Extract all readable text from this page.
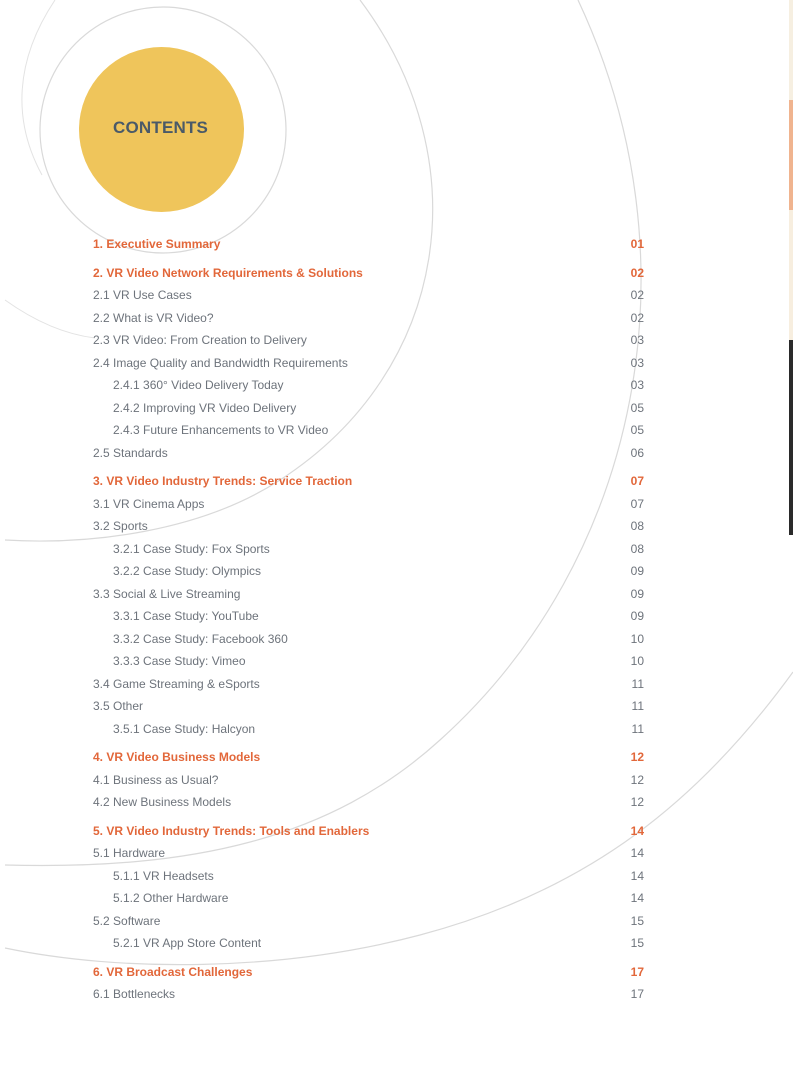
CONTENTS
1. Executive Summary	01
2. VR Video Network Requirements & Solutions	02
2.1 VR Use Cases	02
2.2 What is VR Video?	02
2.3 VR Video: From Creation to Delivery	03
2.4 Image Quality and Bandwidth Requirements	03
2.4.1 360° Video Delivery Today	03
2.4.2 Improving VR Video Delivery	05
2.4.3 Future Enhancements to VR Video	05
2.5 Standards	06
3. VR Video Industry Trends: Service Traction	07
3.1 VR Cinema Apps	07
3.2 Sports	08
3.2.1 Case Study: Fox Sports	08
3.2.2 Case Study: Olympics	09
3.3 Social & Live Streaming	09
3.3.1 Case Study: YouTube	09
3.3.2 Case Study: Facebook 360	10
3.3.3 Case Study: Vimeo	10
3.4 Game Streaming & eSports	11
3.5 Other	11
3.5.1 Case Study: Halcyon	11
4. VR Video Business Models	12
4.1 Business as Usual?	12
4.2 New Business Models	12
5. VR Video Industry Trends: Tools and Enablers	14
5.1 Hardware	14
5.1.1 VR Headsets	14
5.1.2 Other Hardware	14
5.2 Software	15
5.2.1 VR App Store Content	15
6. VR Broadcast Challenges	17
6.1 Bottlenecks	17
